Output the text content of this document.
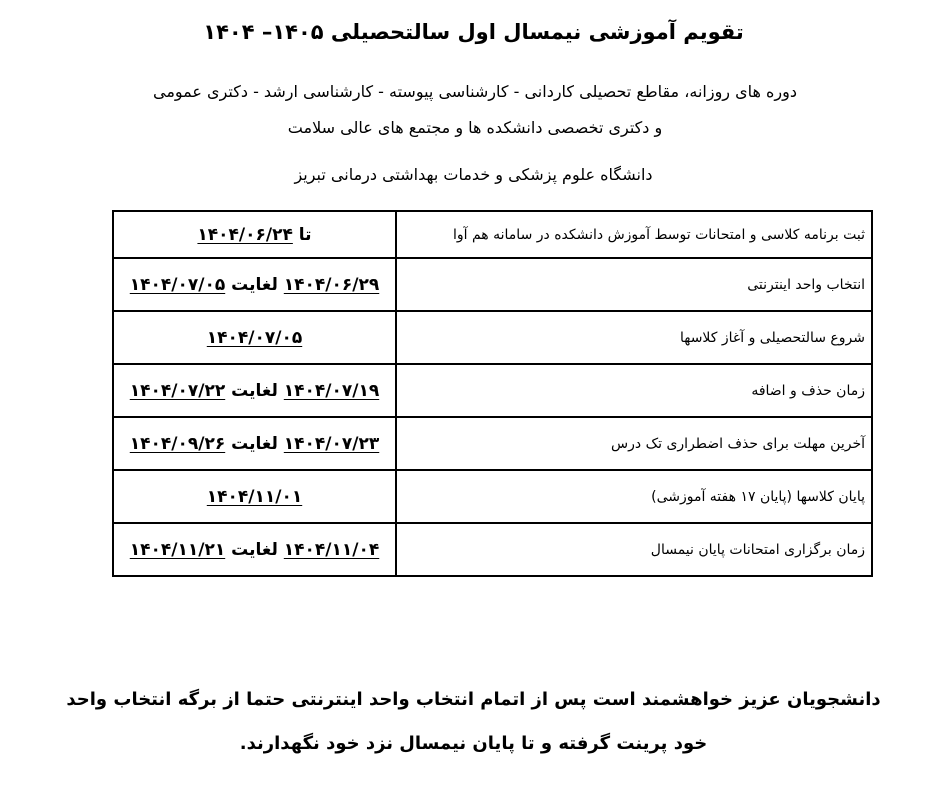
تقویم آموزشی نیمسال اول سالتحصیلی ۱۴۰۵– ۱۴۰۴
دوره های روزانه، مقاطع تحصیلی کاردانی - کارشناسی پیوسته - کارشناسی ارشد - دکتری عمومی
و دکتری تخصصی دانشکده ها و مجتمع های عالی سلامت
دانشگاه علوم پزشکی و خدمات بهداشتی درمانی تبریز
ثبت برنامه کلاسی و امتحانات توسط آموزش دانشکده در سامانه هم آوا	تا ۱۴۰۴/۰۶/۲۴
انتخاب واحد اینترنتی	۱۴۰۴/۰۶/۲۹ لغایت ۱۴۰۴/۰۷/۰۵
شروع سالتحصیلی و آغاز کلاسها	۱۴۰۴/۰۷/۰۵
زمان حذف و اضافه	۱۴۰۴/۰۷/۱۹ لغایت ۱۴۰۴/۰۷/۲۲
آخرین مهلت برای حذف اضطراری تک درس	۱۴۰۴/۰۷/۲۳ لغایت ۱۴۰۴/۰۹/۲۶
پایان کلاسها (پایان ۱۷ هفته آموزشی)	۱۴۰۴/۱۱/۰۱
زمان برگزاری امتحانات پایان نیمسال	۱۴۰۴/۱۱/۰۴ لغایت ۱۴۰۴/۱۱/۲۱
دانشجویان عزیز خواهشمند است پس از اتمام انتخاب واحد اینترنتی حتما از برگه انتخاب واحد
خود پرینت گرفته و تا پایان نیمسال نزد خود نگهدارند.
